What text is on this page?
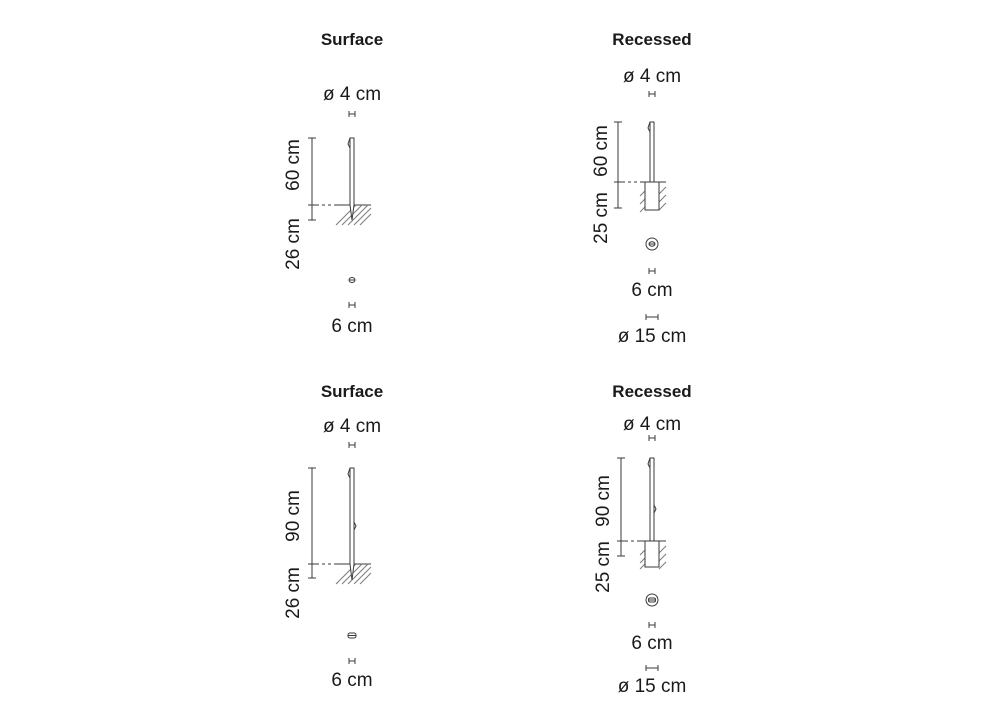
Surface
ø 4 cm
60 cm
26 cm
6 cm
Recessed
ø 4 cm
60 cm
25 cm
6 cm
ø 15 cm
Surface
ø 4 cm
90 cm
26 cm
6 cm
Recessed
ø 4 cm
90 cm
25 cm
6 cm
ø 15 cm
